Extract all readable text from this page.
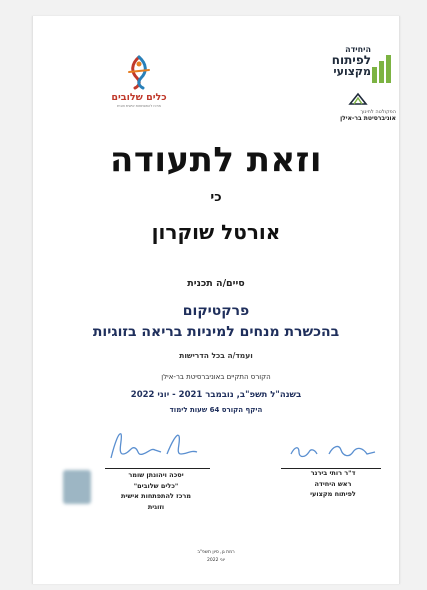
כלים שלובים
מרכז להתפתחות אישית וזוגית
היחידה
לפיתוח
מקצועי
הפקולטה לחינוך
אוניברסיטת בר-אילן
וזאת לתעודה
כי
אורטל שוקרון
סיים/ה תכנית
פרקטיקום
בהכשרת מנחים למיניות בריאה בזוגיות
ועמד/ה בכל הדרישות
הקורס התקיים באוניברסיטת בר-אילן
בשנה"ל תשפ"ב, נובמבר 2021 - יוני 2022
היקף הקורס 64 שעות לימוד
יסכה ויהונתן שומר
"כלים שלובים"
מרכז להתפתחות אישית
וזוגית
ד"ר רותי בירנר
ראש היחידה
לפיתוח מקצועי
רמת גן, סיון תשפ"ב
יוני 2022
